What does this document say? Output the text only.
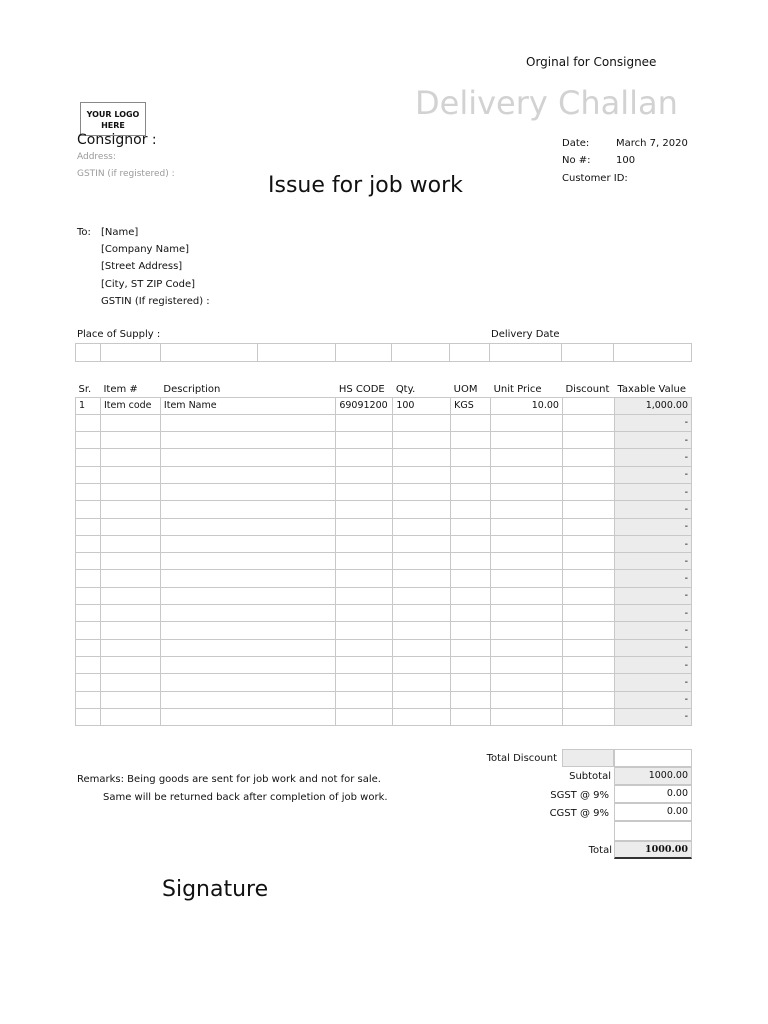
Orginal for Consignee
YOUR LOGO
HERE
Delivery Challan
Consignor :
Address:
GSTIN (if registered) :
Date:	March 7, 2020
No #:	100
Customer ID:
Issue for job work
To: [Name]
[Company Name]
[Street Address]
[City, ST ZIP Code]
GSTIN (If registered) :
Place of Supply :	Delivery Date

Sr.	Item #	Description	HS CODE	Qty.	UOM	Unit Price	Discount	Taxable Value
1	Item code	Item Name	69091200	100	KGS	10.00		1,000.00
								-
								-
								-
								-
								-
								-
								-
								-
								-
								-
								-
								-
								-
								-
								-
								-
								-
								-
Total Discount
Subtotal	1000.00
SGST @ 9%	0.00
CGST @ 9%	0.00
Total	1000.00
Remarks: Being goods are sent for job work and not for sale.
Same will be returned back after completion of job work.
Signature
